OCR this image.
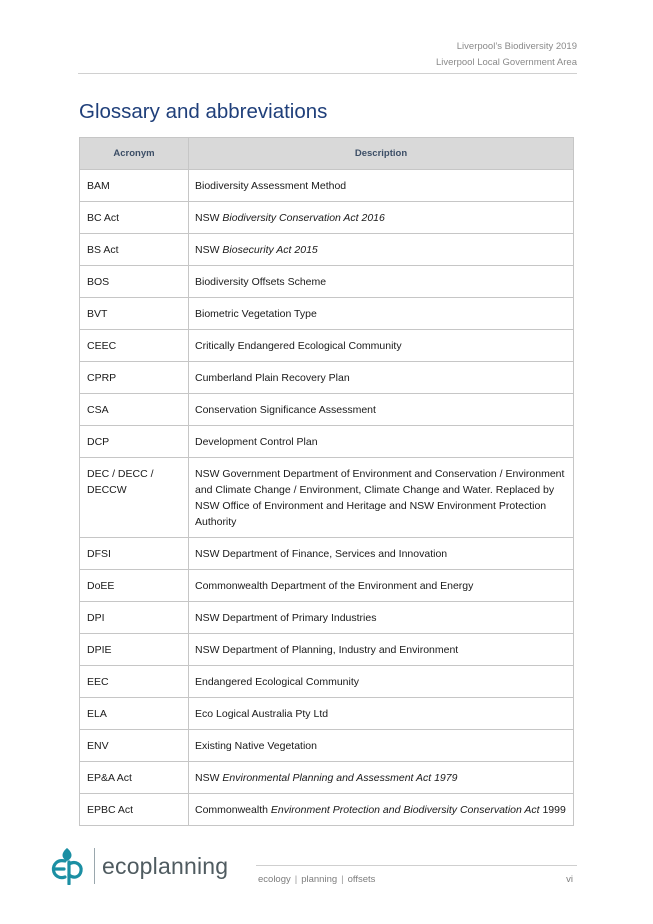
Liverpool’s Biodiversity 2019
Liverpool Local Government Area
Glossary and abbreviations
Acronym	Description
BAM	Biodiversity Assessment Method
BC Act	NSW Biodiversity Conservation Act 2016
BS Act	NSW Biosecurity Act 2015
BOS	Biodiversity Offsets Scheme
BVT	Biometric Vegetation Type
CEEC	Critically Endangered Ecological Community
CPRP	Cumberland Plain Recovery Plan
CSA	Conservation Significance Assessment
DCP	Development Control Plan
DEC / DECC / DECCW	NSW Government Department of Environment and Conservation / Environment and Climate Change / Environment, Climate Change and Water. Replaced by NSW Office of Environment and Heritage and NSW Environment Protection Authority
DFSI	NSW Department of Finance, Services and Innovation
DoEE	Commonwealth Department of the Environment and Energy
DPI	NSW Department of Primary Industries
DPIE	NSW Department of Planning, Industry and Environment
EEC	Endangered Ecological Community
ELA	Eco Logical Australia Pty Ltd
ENV	Existing Native Vegetation
EP&A Act	NSW Environmental Planning and Assessment Act 1979
EPBC Act	Commonwealth Environment Protection and Biodiversity Conservation Act 1999
ecoplanning
ecology | planning | offsets	vi
